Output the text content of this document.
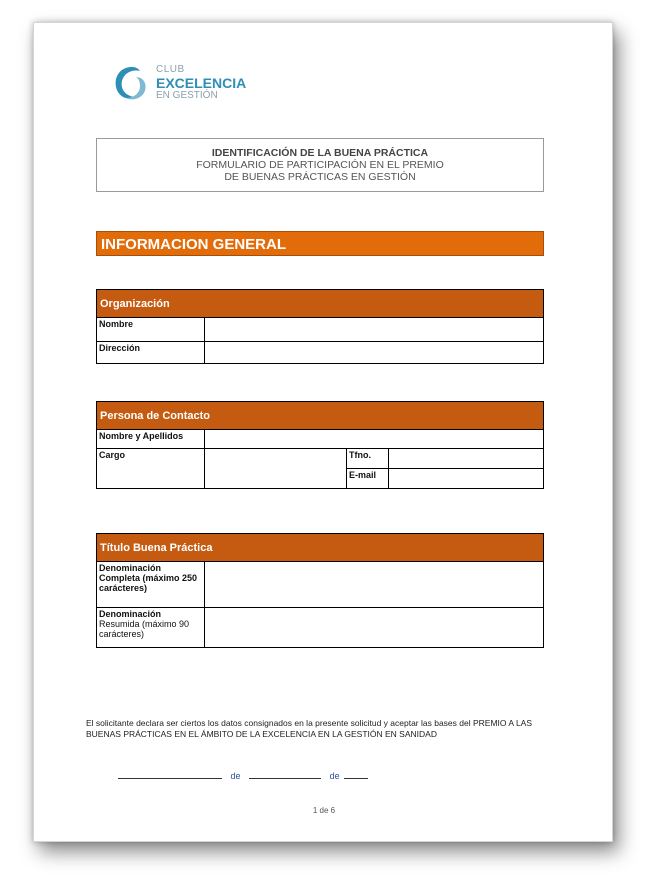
CLUB
EXCELENCIA
EN GESTIÓN
IDENTIFICACIÓN DE LA BUENA PRÁCTICA
FORMULARIO DE PARTICIPACIÓN EN EL PREMIO
DE BUENAS PRÁCTICAS EN GESTIÓN
INFORMACION GENERAL
Organización	
Nombre	
Dirección	
Persona de Contacto			
Nombre y Apellidos			
Cargo		Tfno.	
		E-mail	
Título Buena Práctica	
Denominación Completa (máximo 250 carácteres)	
Denominación
Resumida (máximo 90 carácteres)	
El solicitante declara ser ciertos los datos consignados en la presente solicitud y aceptar las bases del PREMIO A LAS BUENAS PRÁCTICAS EN EL ÁMBITO DE LA EXCELENCIA EN LA GESTIÓN EN SANIDAD
de	de
1 de 6
